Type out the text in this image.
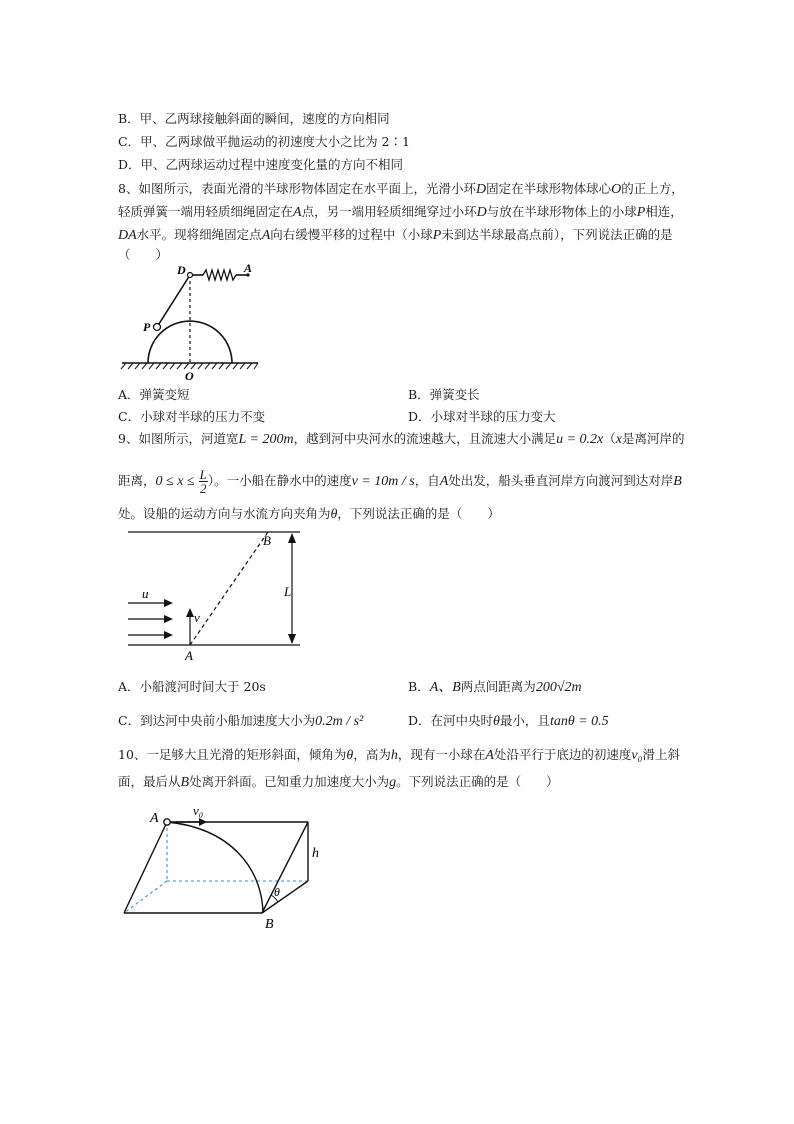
B．甲、乙两球接触斜面的瞬间，速度的方向相同
C．甲、乙两球做平抛运动的初速度大小之比为 2∶1
D．甲、乙两球运动过程中速度变化量的方向不相同
8、如图所示，表面光滑的半球形物体固定在水平面上，光滑小环D固定在半球形物体球心O的正上方，
轻质弹簧一端用轻质细绳固定在A点，另一端用轻质细绳穿过小环D与放在半球形物体上的小球P相连，
DA水平。现将细绳固定点A向右缓慢平移的过程中（小球P未到达半球最高点前），下列说法正确的是
（　　）
D	A
P
O
A．弹簧变短	B．弹簧变长
C．小球对半球的压力不变	D．小球对半球的压力变大
9、如图所示，河道宽L = 200m，越到河中央河水的流速越大，且流速大小满足u = 0.2x（x是离河岸的
距离，$0 \le x \le \frac{L}{2}$ ）。一小船在静水中的速度v = 10m / s，自A处出发，船头垂直河岸方向渡河到达对岸B
处。设船的运动方向与水流方向夹角为θ，下列说法正确的是（　　）
B
A
u
v
L
A．小船渡河时间大于 20s	B．A、B两点间距离为200√2m
C．到达河中央前小船加速度大小为0.2m / s²	D．在河中央时θ最小，且tanθ = 0.5
10、一足够大且光滑的矩形斜面，倾角为θ，高为h，现有一小球在A处沿平行于底边的初速度v₀滑上斜
面，最后从B处离开斜面。已知重力加速度大小为g。下列说法正确的是（　　）
A
v₀
h
θ
B
